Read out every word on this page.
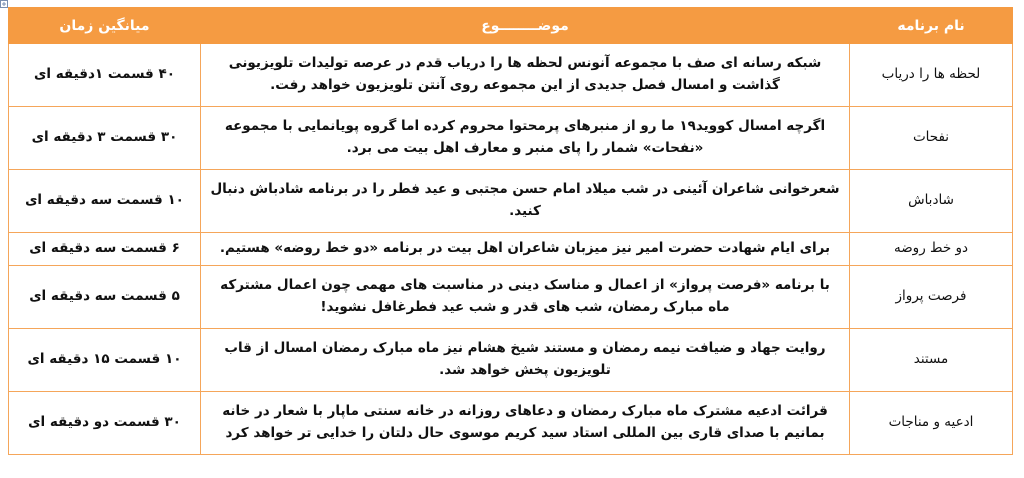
نام برنامه	موضــــــــوع	میانگین زمان
لحظه ها را دریاب	شبکه رسانه ای صف با مجموعه آنونس لحظه ها را دریاب قدم در عرصه تولیدات تلویزیونی گذاشت و امسال فصل جدیدی از این مجموعه روی آنتن تلویزیون خواهد رفت.	۴۰ قسمت ۱دقیقه ای
نفحات	اگرچه امسال کووید۱۹ ما رو از منبرهای پرمحتوا محروم کرده اما گروه پویانمایی با مجموعه «نفحات» شمار را پای منبر و معارف اهل بیت می برد.	۳۰ قسمت ۳ دقیقه ای
شادباش	شعرخوانی شاعران آئینی در شب میلاد امام حسن مجتبی و عید فطر را در برنامه شادباش دنبال کنید.	۱۰ قسمت سه دقیقه ای
دو خط روضه	برای ایام شهادت حضرت امیر نیز میزبان شاعران اهل بیت در برنامه «دو خط روضه» هستیم.	۶ قسمت سه دقیقه ای
فرصت پرواز	با برنامه «فرصت پرواز» از اعمال و مناسک دینی در مناسبت های مهمی چون اعمال مشترکه ماه مبارک رمضان، شب های قدر و شب عید فطرغافل نشوید!	۵ قسمت سه دقیقه ای
مستند	روایت جهاد و ضیافت نیمه رمضان و مستند شیخ هشام نیز ماه مبارک رمضان امسال از قاب تلویزیون پخش خواهد شد.	۱۰ قسمت ۱۵ دقیقه ای
ادعیه و مناجات	قرائت ادعیه مشترک ماه مبارک رمضان و دعاهای روزانه در خانه سنتی ماپار با شعار در خانه بمانیم با صدای قاری بین المللی استاد سید کریم موسوی حال دلتان را خدایی تر خواهد کرد	۳۰ قسمت دو دقیقه ای
